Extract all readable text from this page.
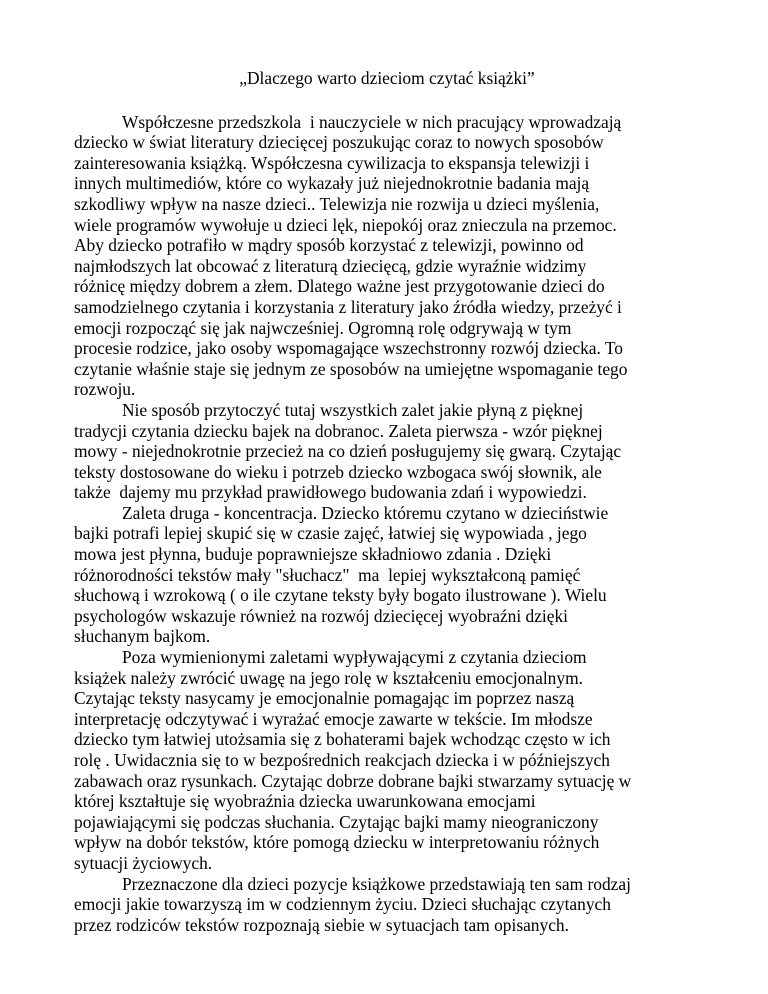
„Dlaczego warto dzieciom czytać książki”
Współczesne przedszkola  i nauczyciele w nich pracujący wprowadzają
dziecko w świat literatury dziecięcej poszukując coraz to nowych sposobów
zainteresowania książką. Współczesna cywilizacja to ekspansja telewizji i
innych multimediów, które co wykazały już niejednokrotnie badania mają
szkodliwy wpływ na nasze dzieci.. Telewizja nie rozwija u dzieci myślenia,
wiele programów wywołuje u dzieci lęk, niepokój oraz znieczula na przemoc.
Aby dziecko potrafiło w mądry sposób korzystać z telewizji, powinno od
najmłodszych lat obcować z literaturą dziecięcą, gdzie wyraźnie widzimy
różnicę między dobrem a złem. Dlatego ważne jest przygotowanie dzieci do
samodzielnego czytania i korzystania z literatury jako źródła wiedzy, przeżyć i
emocji rozpocząć się jak najwcześniej. Ogromną rolę odgrywają w tym
procesie rodzice, jako osoby wspomagające wszechstronny rozwój dziecka. To
czytanie właśnie staje się jednym ze sposobów na umiejętne wspomaganie tego
rozwoju.
Nie sposób przytoczyć tutaj wszystkich zalet jakie płyną z pięknej
tradycji czytania dziecku bajek na dobranoc. Zaleta pierwsza - wzór pięknej
mowy - niejednokrotnie przecież na co dzień posługujemy się gwarą. Czytając
teksty dostosowane do wieku i potrzeb dziecko wzbogaca swój słownik, ale
także  dajemy mu przykład prawidłowego budowania zdań i wypowiedzi.
Zaleta druga - koncentracja. Dziecko któremu czytano w dzieciństwie
bajki potrafi lepiej skupić się w czasie zajęć, łatwiej się wypowiada , jego
mowa jest płynna, buduje poprawniejsze składniowo zdania . Dzięki
różnorodności tekstów mały "słuchacz"  ma  lepiej wykształconą pamięć
słuchową i wzrokową ( o ile czytane teksty były bogato ilustrowane ). Wielu
psychologów wskazuje również na rozwój dziecięcej wyobraźni dzięki
słuchanym bajkom.
Poza wymienionymi zaletami wypływającymi z czytania dzieciom
książek należy zwrócić uwagę na jego rolę w kształceniu emocjonalnym.
Czytając teksty nasycamy je emocjonalnie pomagając im poprzez naszą
interpretację odczytywać i wyrażać emocje zawarte w tekście. Im młodsze
dziecko tym łatwiej utożsamia się z bohaterami bajek wchodząc często w ich
rolę . Uwidacznia się to w bezpośrednich reakcjach dziecka i w późniejszych
zabawach oraz rysunkach. Czytając dobrze dobrane bajki stwarzamy sytuację w
której kształtuje się wyobraźnia dziecka uwarunkowana emocjami
pojawiającymi się podczas słuchania. Czytając bajki mamy nieograniczony
wpływ na dobór tekstów, które pomogą dziecku w interpretowaniu różnych
sytuacji życiowych.
Przeznaczone dla dzieci pozycje książkowe przedstawiają ten sam rodzaj
emocji jakie towarzyszą im w codziennym życiu. Dzieci słuchając czytanych
przez rodziców tekstów rozpoznają siebie w sytuacjach tam opisanych.
